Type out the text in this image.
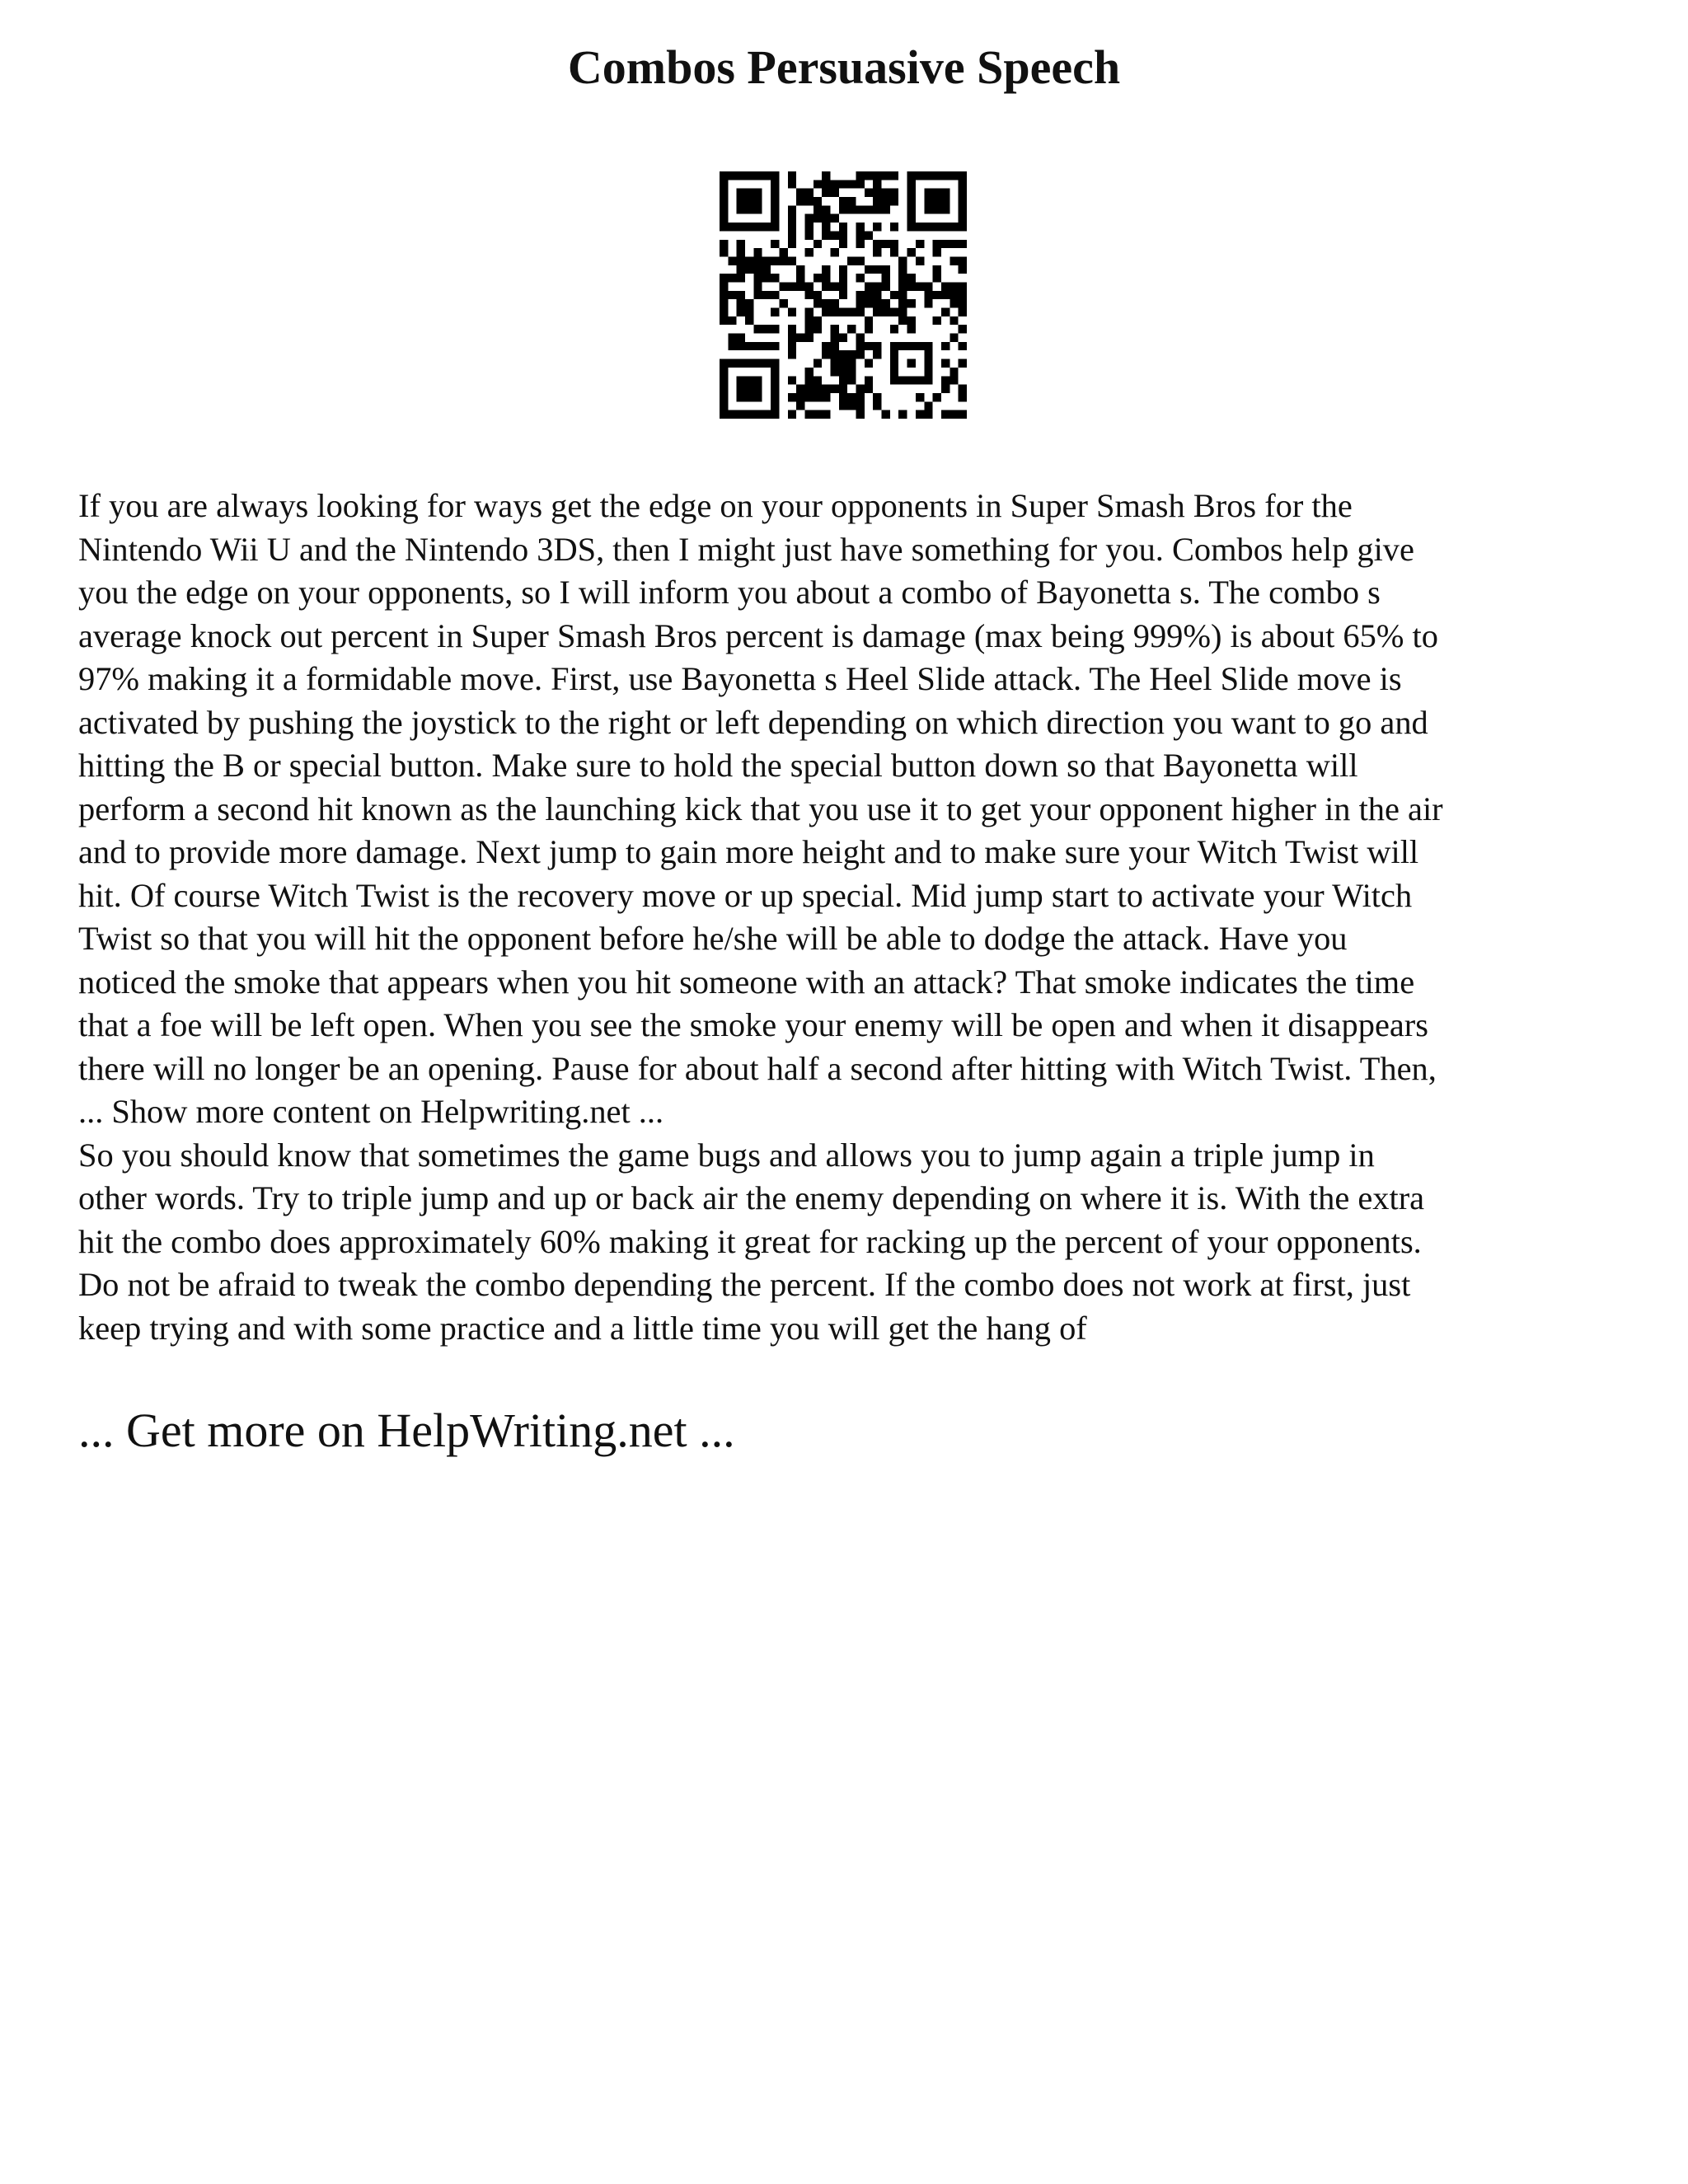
Combos Persuasive Speech

If you are always looking for ways get the edge on your opponents in Super Smash Bros for the
Nintendo Wii U and the Nintendo 3DS, then I might just have something for you. Combos help give
you the edge on your opponents, so I will inform you about a combo of Bayonetta s. The combo s
average knock out percent in Super Smash Bros percent is damage (max being 999%) is about 65% to
97% making it a formidable move. First, use Bayonetta s Heel Slide attack. The Heel Slide move is
activated by pushing the joystick to the right or left depending on which direction you want to go and
hitting the B or special button. Make sure to hold the special button down so that Bayonetta will
perform a second hit known as the launching kick that you use it to get your opponent higher in the air
and to provide more damage. Next jump to gain more height and to make sure your Witch Twist will
hit. Of course Witch Twist is the recovery move or up special. Mid jump start to activate your Witch
Twist so that you will hit the opponent before he/she will be able to dodge the attack. Have you
noticed the smoke that appears when you hit someone with an attack? That smoke indicates the time
that a foe will be left open. When you see the smoke your enemy will be open and when it disappears
there will no longer be an opening. Pause for about half a second after hitting with Witch Twist. Then,

... Show more content on Helpwriting.net ...

So you should know that sometimes the game bugs and allows you to jump again a triple jump in
other words. Try to triple jump and up or back air the enemy depending on where it is. With the extra
hit the combo does approximately 60% making it great for racking up the percent of your opponents.
Do not be afraid to tweak the combo depending the percent. If the combo does not work at first, just
keep trying and with some practice and a little time you will get the hang of

... Get more on HelpWriting.net ...
